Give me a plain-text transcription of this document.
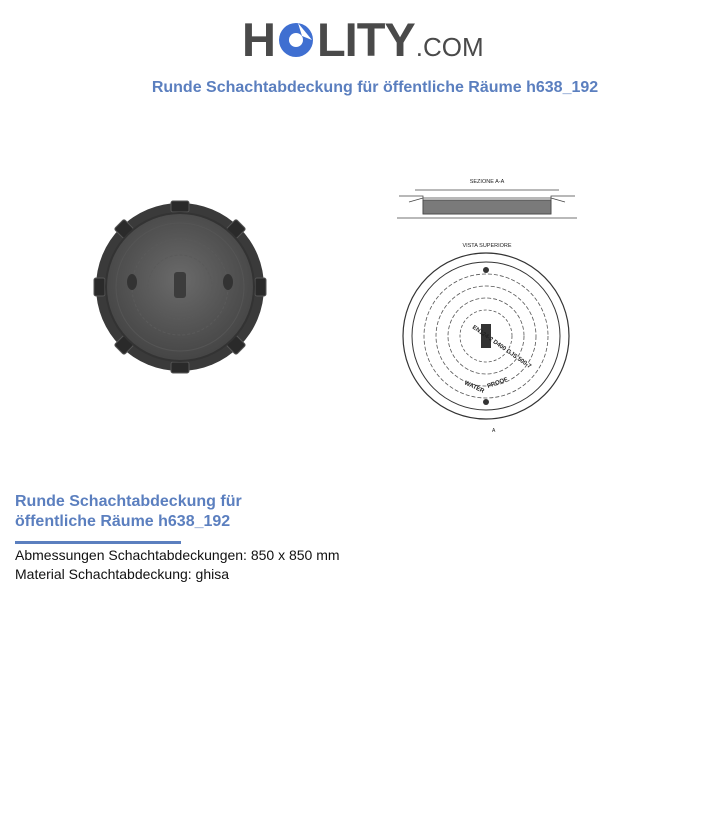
H LITY.COM
Runde Schachtabdeckung für öffentliche Räume h638_192
SEZIONE A-A
VISTA SUPERIORE
EN124-2 D400 GJS 500-7
WATER PROOF
A
Runde Schachtabdeckung für
öffentliche Räume h638_192
Abmessungen Schachtabdeckungen: 850 x 850 mm
Material Schachtabdeckung: ghisa
